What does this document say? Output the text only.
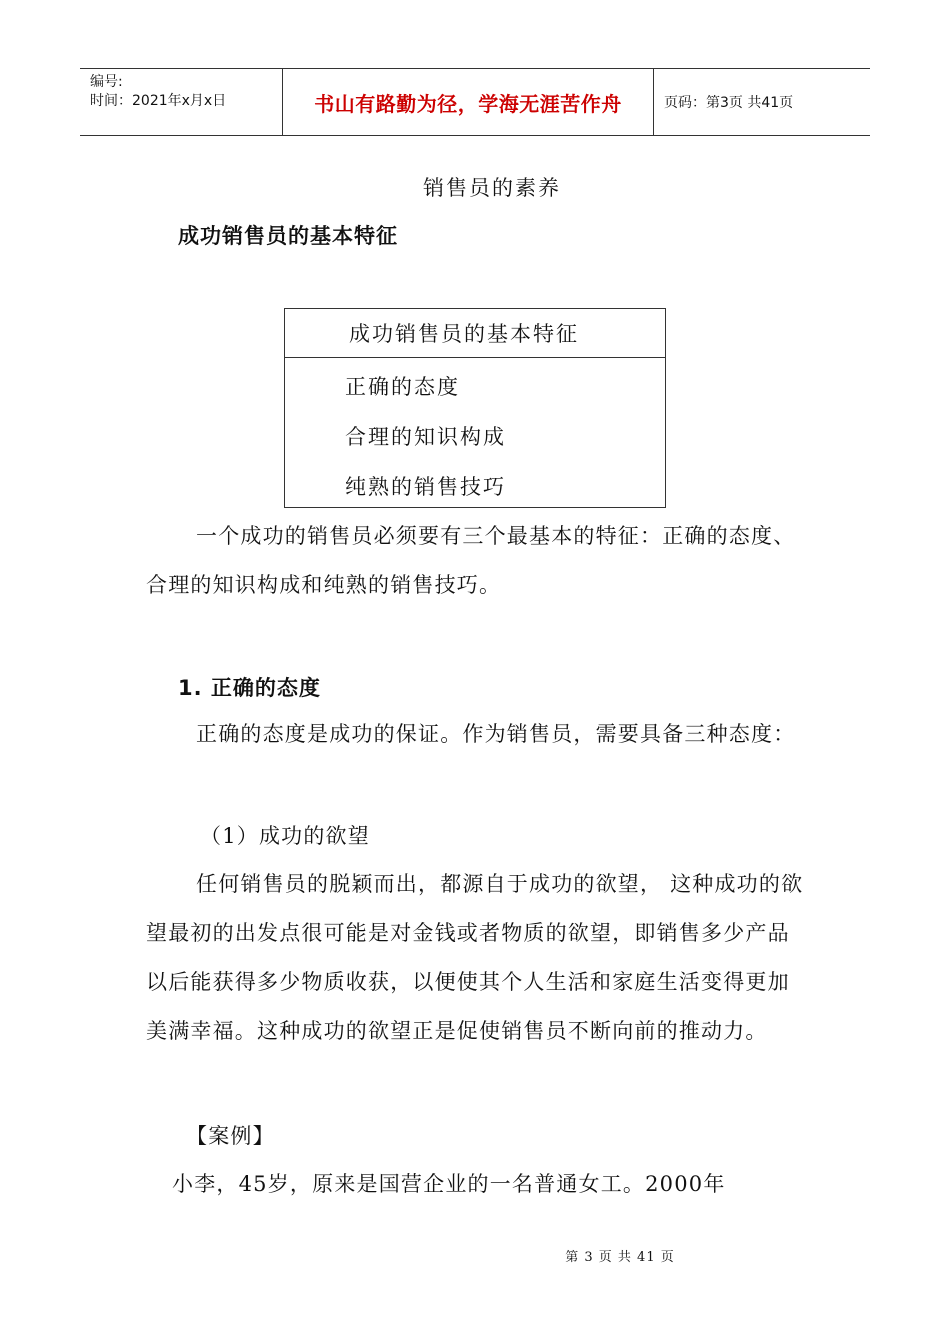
编号:
时间：2021年x月x日	书山有路勤为径，学海无涯苦作舟	页码：第3页 共41页
销售员的素养
成功销售员的基本特征
成功销售员的基本特征
正确的态度
合理的知识构成
纯熟的销售技巧

一个成功的销售员必须要有三个最基本的特征：正确的态度、合理的知识构成和纯熟的销售技巧。

1. 正确的态度

正确的态度是成功的保证。作为销售员，需要具备三种态度：

（1）成功的欲望

任何销售员的脱颖而出，都源自于成功的欲望， 这种成功的欲望最初的出发点很可能是对金钱或者物质的欲望，即销售多少产品以后能获得多少物质收获，以便使其个人生活和家庭生活变得更加美满幸福。这种成功的欲望正是促使销售员不断向前的推动力。

【案例】
小李，45岁，原来是国营企业的一名普通女工。2000年
第 3 页 共 41 页
